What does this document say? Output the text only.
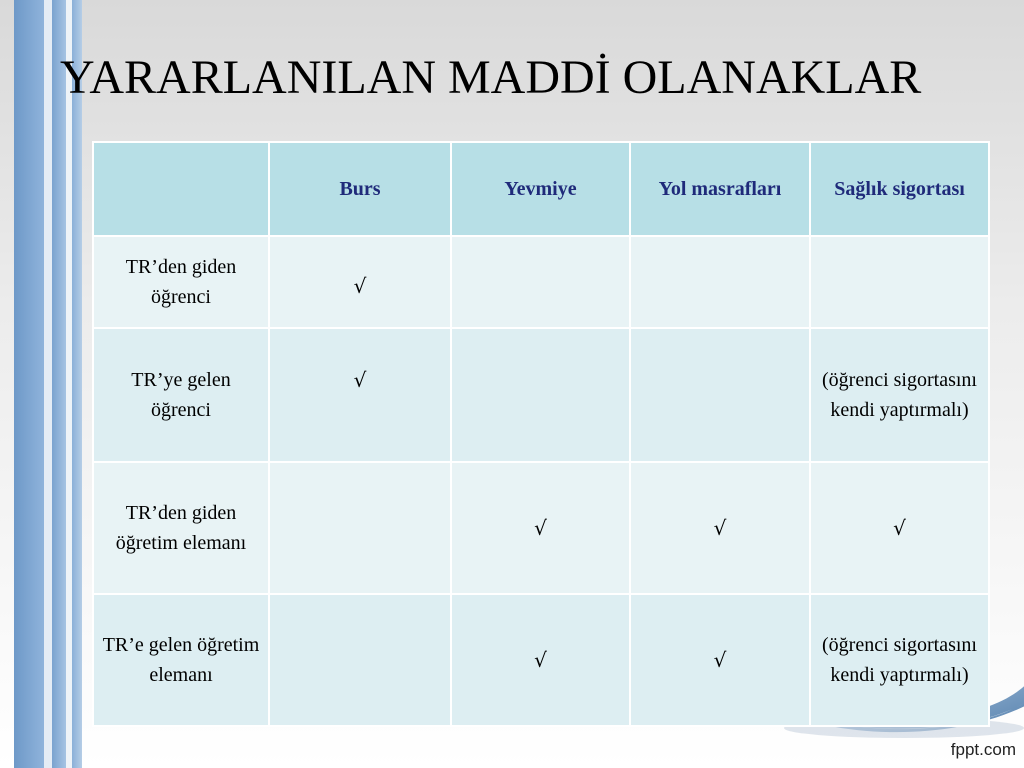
YARARLANILAN MADDİ OLANAKLAR
	Burs	Yevmiye	Yol masrafları	Sağlık sigortası
TR’den giden öğrenci	√			
TR’ye gelen öğrenci	√			(öğrenci sigortasını kendi yaptırmalı)
TR’den giden öğretim elemanı		√	√	√
TR’e gelen öğretim elemanı		√	√	(öğrenci sigortasını kendi yaptırmalı)
fppt.com
